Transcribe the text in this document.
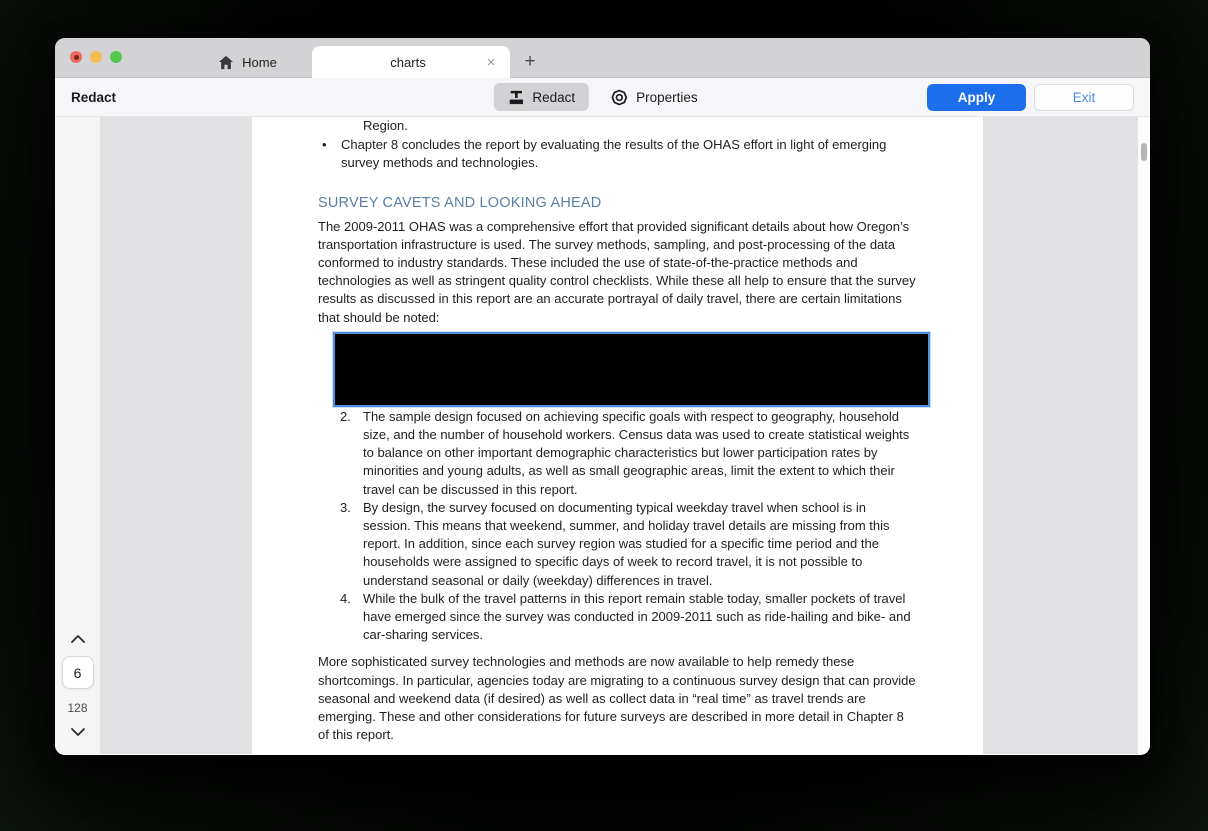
Home	charts	×	+
Redact	Redact	Properties	Apply	Exit
6
128
Region.
•	Chapter 8 concludes the report by evaluating the results of the OHAS effort in light of emerging survey methods and technologies.
SURVEY CAVETS AND LOOKING AHEAD
The 2009-2011 OHAS was a comprehensive effort that provided significant details about how Oregon’s transportation infrastructure is used. The survey methods, sampling, and post-processing of the data conformed to industry standards. These included the use of state-of-the-practice methods and technologies as well as stringent quality control checklists. While these all help to ensure that the survey results as discussed in this report are an accurate portrayal of daily travel, there are certain limitations that should be noted:
2. The sample design focused on achieving specific goals with respect to geography, household size, and the number of household workers. Census data was used to create statistical weights to balance on other important demographic characteristics but lower participation rates by minorities and young adults, as well as small geographic areas, limit the extent to which their travel can be discussed in this report.
3. By design, the survey focused on documenting typical weekday travel when school is in session. This means that weekend, summer, and holiday travel details are missing from this report. In addition, since each survey region was studied for a specific time period and the households were assigned to specific days of week to record travel, it is not possible to understand seasonal or daily (weekday) differences in travel.
4. While the bulk of the travel patterns in this report remain stable today, smaller pockets of travel have emerged since the survey was conducted in 2009-2011 such as ride-hailing and bike- and car-sharing services.
More sophisticated survey technologies and methods are now available to help remedy these shortcomings. In particular, agencies today are migrating to a continuous survey design that can provide seasonal and weekend data (if desired) as well as collect data in “real time” as travel trends are emerging. These and other considerations for future surveys are described in more detail in Chapter 8 of this report.
